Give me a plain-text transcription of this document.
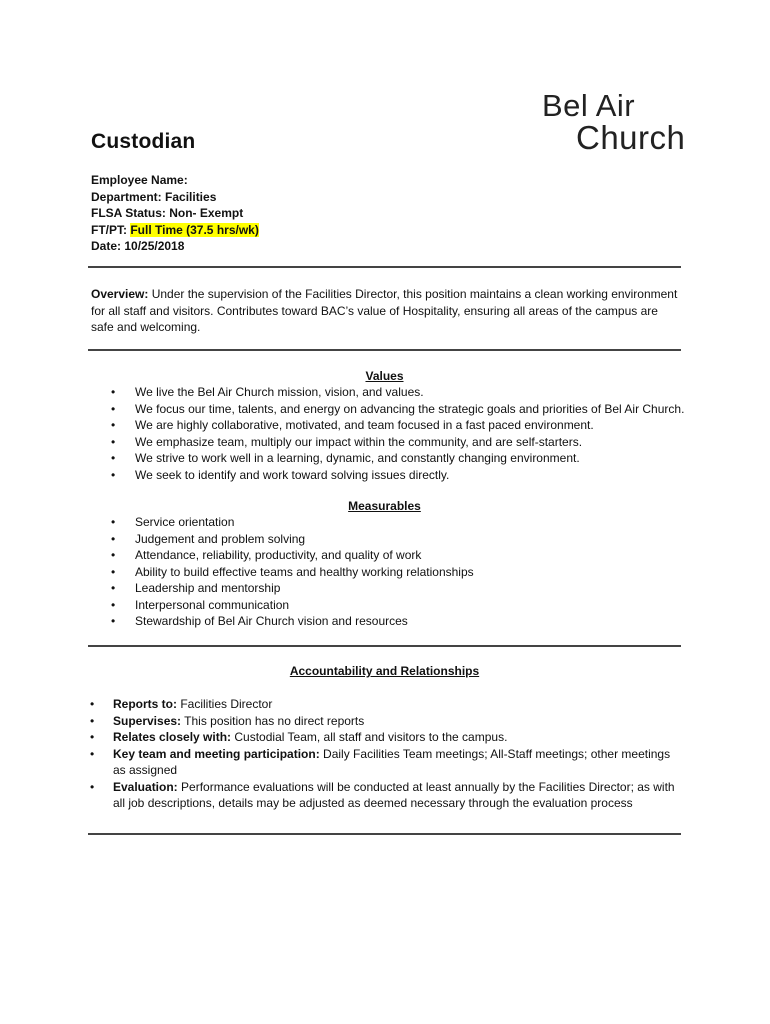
Bel Air
Church
Custodian
Employee Name:
Department: Facilities
FLSA Status: Non- Exempt
FT/PT: Full Time (37.5 hrs/wk)
Date: 10/25/2018
Overview: Under the supervision of the Facilities Director, this position maintains a clean working environment for all staff and visitors. Contributes toward BAC’s value of Hospitality, ensuring all areas of the campus are safe and welcoming.
Values
• We live the Bel Air Church mission, vision, and values.
• We focus our time, talents, and energy on advancing the strategic goals and priorities of Bel Air Church.
• We are highly collaborative, motivated, and team focused in a fast paced environment.
• We emphasize team, multiply our impact within the community, and are self-starters.
• We strive to work well in a learning, dynamic, and constantly changing environment.
• We seek to identify and work toward solving issues directly.
Measurables
• Service orientation
• Judgement and problem solving
• Attendance, reliability, productivity, and quality of work
• Ability to build effective teams and healthy working relationships
• Leadership and mentorship
• Interpersonal communication
• Stewardship of Bel Air Church vision and resources
Accountability and Relationships
• Reports to: Facilities Director
• Supervises: This position has no direct reports
• Relates closely with: Custodial Team, all staff and visitors to the campus.
• Key team and meeting participation: Daily Facilities Team meetings; All-Staff meetings; other meetings as assigned
• Evaluation: Performance evaluations will be conducted at least annually by the Facilities Director; as with all job descriptions, details may be adjusted as deemed necessary through the evaluation process
